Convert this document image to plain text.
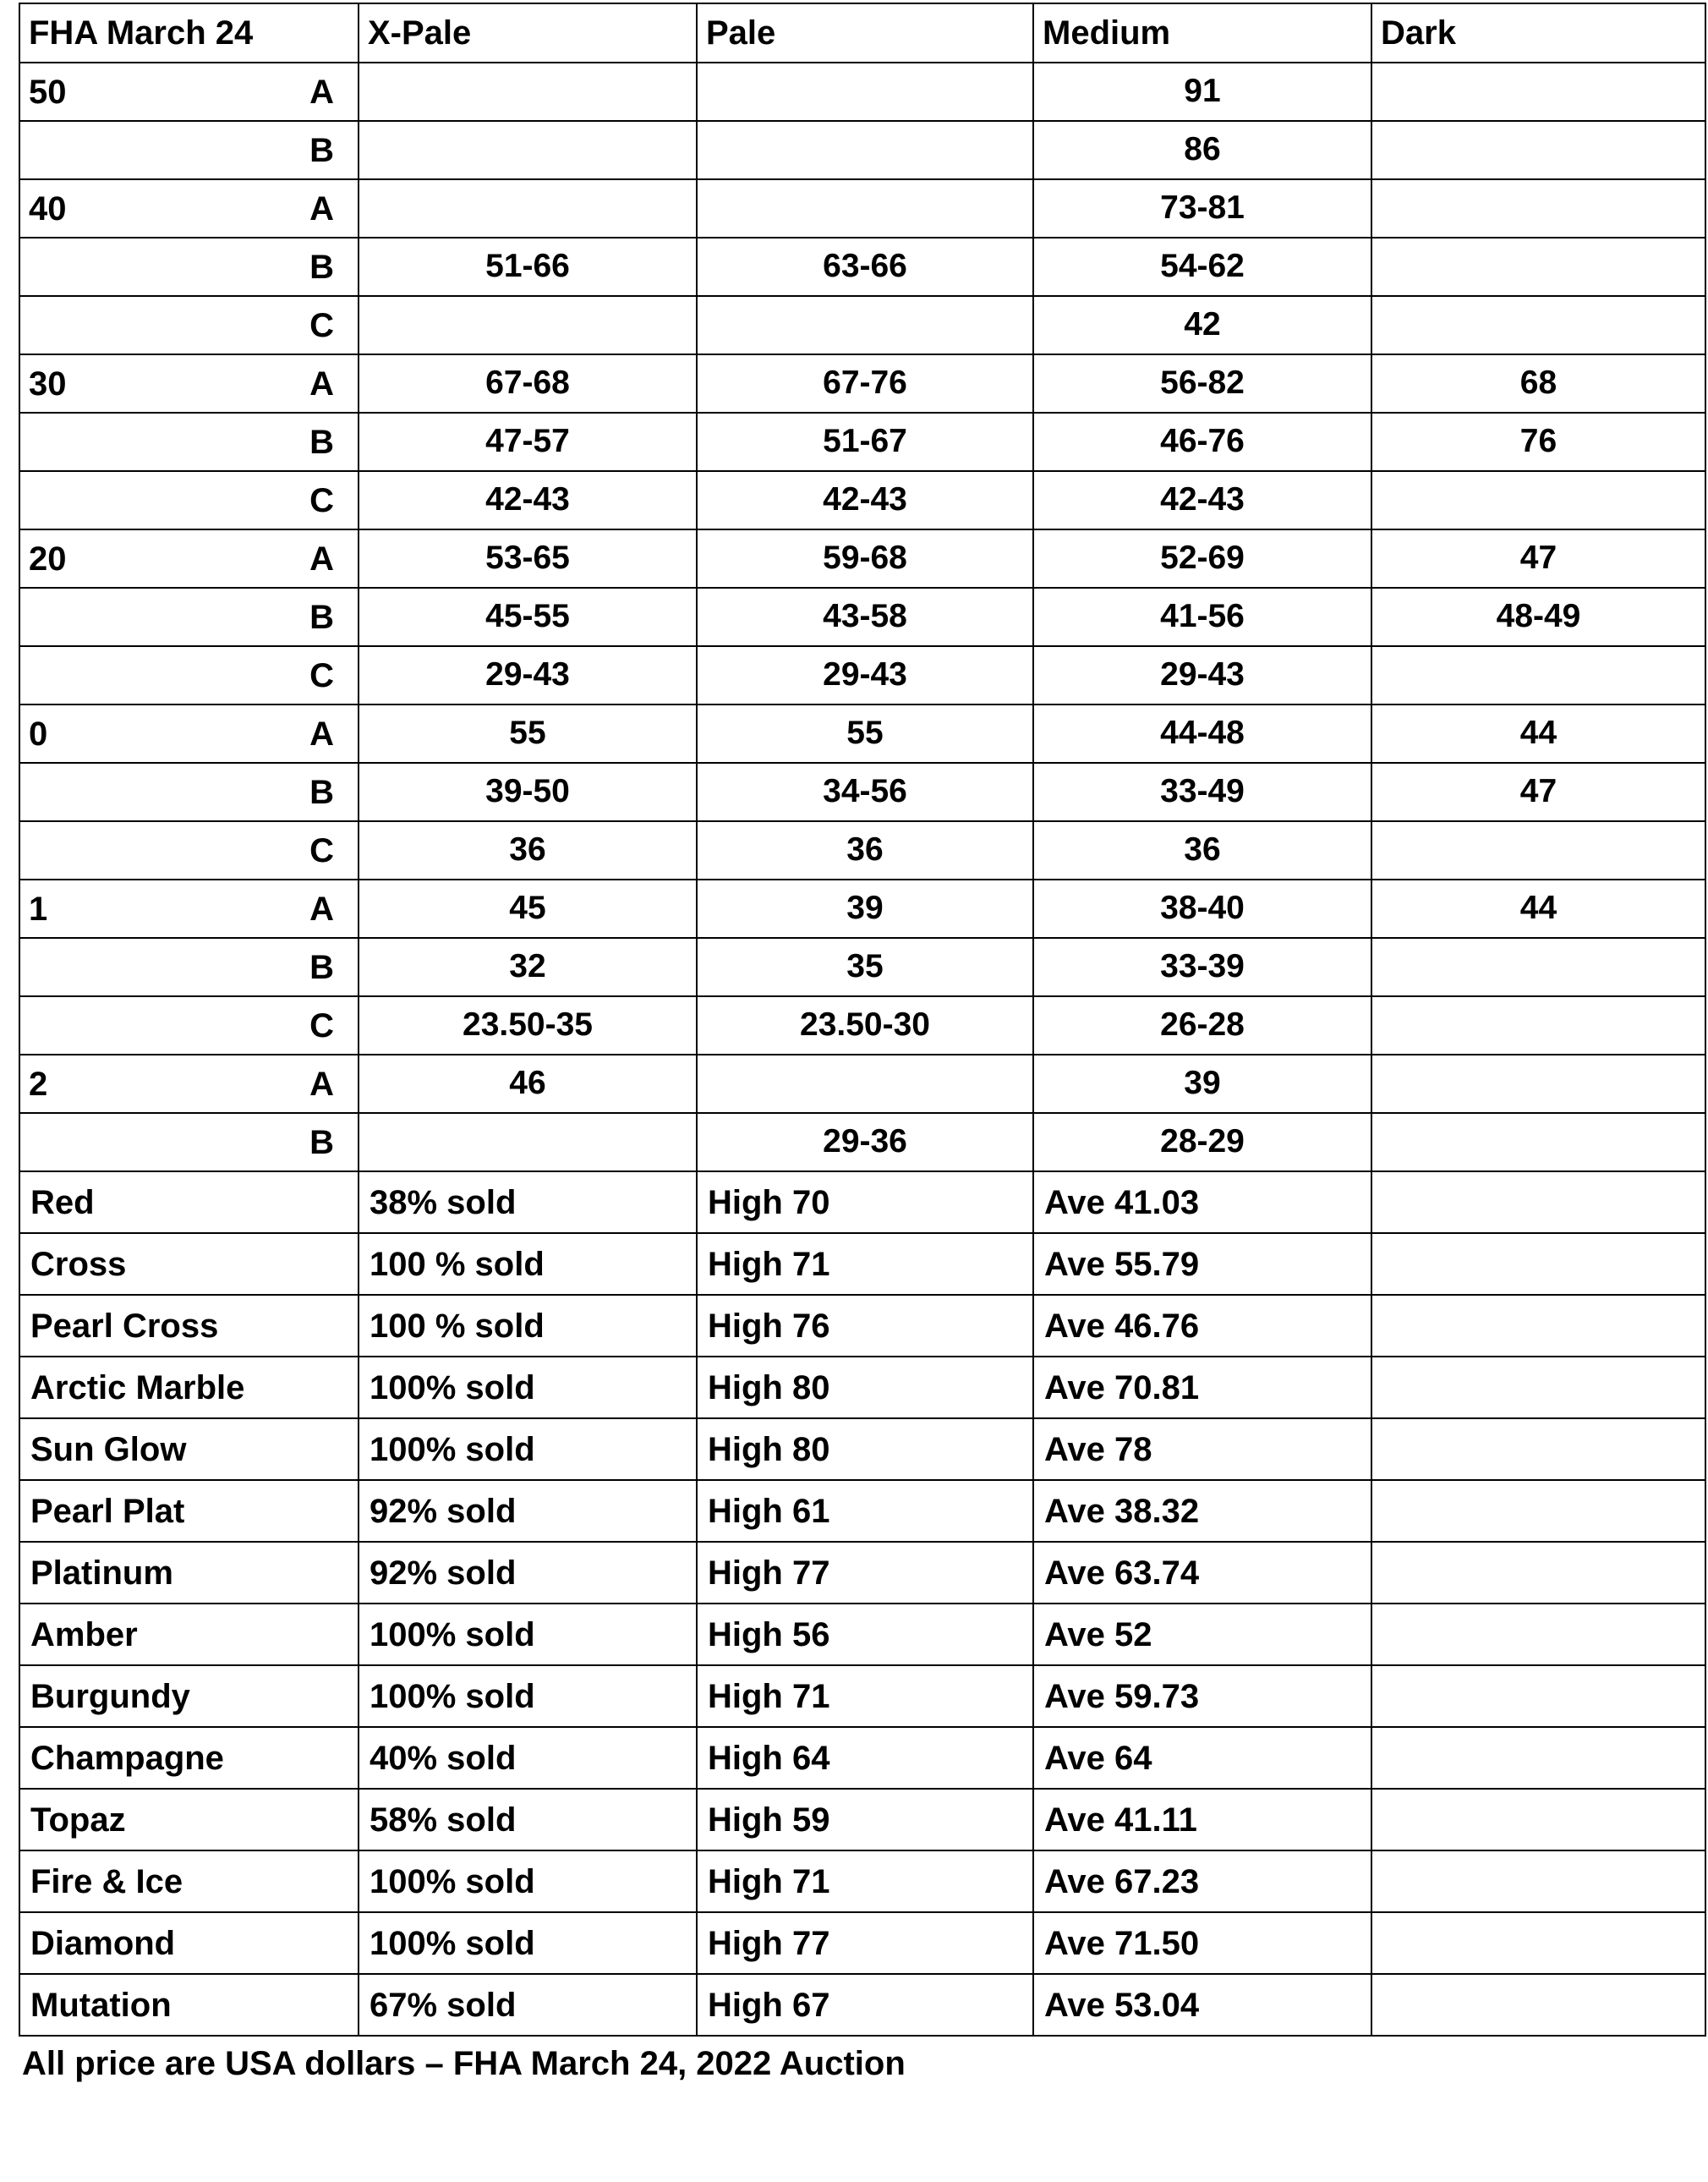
FHA March 24	X-Pale	Pale	Medium	Dark

50 A			91	

B			86	

40 A			73-81	

B	51-66	63-66	54-62	

C			42	

30 A	67-68	67-76	56-82	68

B	47-57	51-67	46-76	76

C	42-43	42-43	42-43	

20 A	53-65	59-68	52-69	47

B	45-55	43-58	41-56	48-49

C	29-43	29-43	29-43	

0 A	55	55	44-48	44

B	39-50	34-56	33-49	47

C	36	36	36	

1 A	45	39	38-40	44

B	32	35	33-39	

C	23.50-35	23.50-30	26-28	

2 A	46		39	

B		29-36	28-29	
Red	38% sold	High 70	Ave 41.03	
Cross	100 % sold	High 71	Ave 55.79	
Pearl Cross	100 % sold	High 76	Ave 46.76	
Arctic Marble	100% sold	High 80	Ave 70.81	
Sun Glow	100% sold	High 80	Ave 78	
Pearl Plat	92% sold	High 61	Ave 38.32	
Platinum	92% sold	High 77	Ave 63.74	
Amber	100% sold	High 56	Ave 52	
Burgundy	100% sold	High 71	Ave 59.73	
Champagne	40% sold	High 64	Ave 64	
Topaz	58% sold	High 59	Ave 41.11	
Fire & Ice	100% sold	High 71	Ave 67.23	
Diamond	100% sold	High 77	Ave 71.50	
Mutation	67% sold	High 67	Ave 53.04	
All price are USA dollars – FHA March 24, 2022 Auction
